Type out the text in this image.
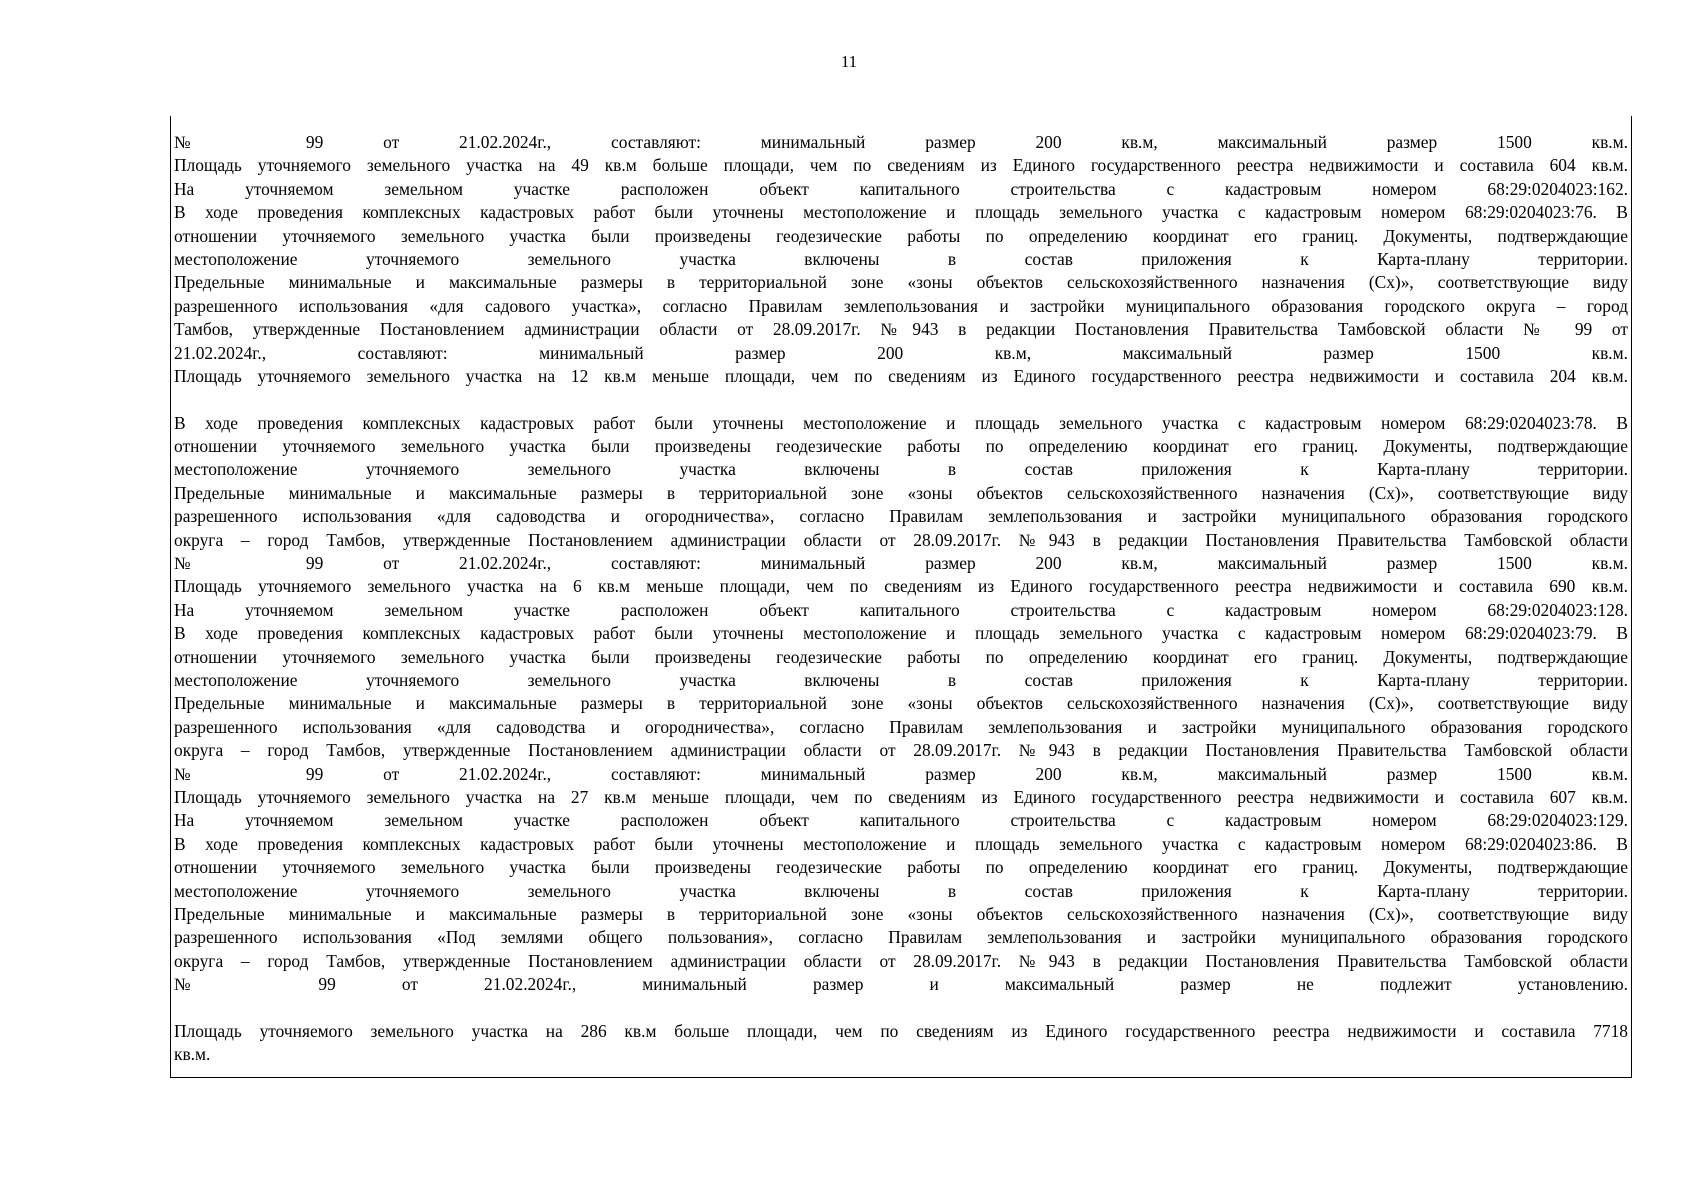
11
№ 99 от 21.02.2024г., составляют: минимальный размер 200 кв.м, максимальный размер 1500 кв.м.
Площадь уточняемого земельного участка на 49 кв.м больше площади, чем по сведениям из Единого государственного реестра недвижимости и составила 604 кв.м.
На уточняемом земельном участке расположен объект капитального строительства с кадастровым номером 68:29:0204023:162.
В ходе проведения комплексных кадастровых работ были уточнены местоположение и площадь земельного участка с кадастровым номером 68:29:0204023:76. В
отношении уточняемого земельного участка были произведены геодезические работы по определению координат его границ. Документы, подтверждающие
местоположение уточняемого земельного участка включены в состав приложения к Карта-плану территории.
Предельные минимальные и максимальные размеры в территориальной зоне «зоны объектов сельскохозяйственного назначения (Сх)», соответствующие виду
разрешенного использования «для садового участка», согласно Правилам землепользования и застройки муниципального образования городского округа – город
Тамбов, утвержденные Постановлением администрации области от 28.09.2017г. №943 в редакции Постановления Правительства Тамбовской области № 99 от
21.02.2024г., составляют: минимальный размер 200 кв.м, максимальный размер 1500 кв.м.
Площадь уточняемого земельного участка на 12 кв.м меньше площади, чем по сведениям из Единого государственного реестра недвижимости и составила 204 кв.м.
В ходе проведения комплексных кадастровых работ были уточнены местоположение и площадь земельного участка с кадастровым номером 68:29:0204023:78. В
отношении уточняемого земельного участка были произведены геодезические работы по определению координат его границ. Документы, подтверждающие
местоположение уточняемого земельного участка включены в состав приложения к Карта-плану территории.
Предельные минимальные и максимальные размеры в территориальной зоне «зоны объектов сельскохозяйственного назначения (Сх)», соответствующие виду
разрешенного использования «для садоводства и огородничества», согласно Правилам землепользования и застройки муниципального образования городского
округа – город Тамбов, утвержденные Постановлением администрации области от 28.09.2017г. №943 в редакции Постановления Правительства Тамбовской области
№ 99 от 21.02.2024г., составляют: минимальный размер 200 кв.м, максимальный размер 1500 кв.м.
Площадь уточняемого земельного участка на 6 кв.м меньше площади, чем по сведениям из Единого государственного реестра недвижимости и составила 690 кв.м.
На уточняемом земельном участке расположен объект капитального строительства с кадастровым номером 68:29:0204023:128.
В ходе проведения комплексных кадастровых работ были уточнены местоположение и площадь земельного участка с кадастровым номером 68:29:0204023:79. В
отношении уточняемого земельного участка были произведены геодезические работы по определению координат его границ. Документы, подтверждающие
местоположение уточняемого земельного участка включены в состав приложения к Карта-плану территории.
Предельные минимальные и максимальные размеры в территориальной зоне «зоны объектов сельскохозяйственного назначения (Сх)», соответствующие виду
разрешенного использования «для садоводства и огородничества», согласно Правилам землепользования и застройки муниципального образования городского
округа – город Тамбов, утвержденные Постановлением администрации области от 28.09.2017г. №943 в редакции Постановления Правительства Тамбовской области
№ 99 от 21.02.2024г., составляют: минимальный размер 200 кв.м, максимальный размер 1500 кв.м.
Площадь уточняемого земельного участка на 27 кв.м меньше площади, чем по сведениям из Единого государственного реестра недвижимости и составила 607 кв.м.
На уточняемом земельном участке расположен объект капитального строительства с кадастровым номером 68:29:0204023:129.
В ходе проведения комплексных кадастровых работ были уточнены местоположение и площадь земельного участка с кадастровым номером 68:29:0204023:86. В
отношении уточняемого земельного участка были произведены геодезические работы по определению координат его границ. Документы, подтверждающие
местоположение уточняемого земельного участка включены в состав приложения к Карта-плану территории.
Предельные минимальные и максимальные размеры в территориальной зоне «зоны объектов сельскохозяйственного назначения (Сх)», соответствующие виду
разрешенного использования «Под землями общего пользования», согласно Правилам землепользования и застройки муниципального образования городского
округа – город Тамбов, утвержденные Постановлением администрации области от 28.09.2017г. №943 в редакции Постановления Правительства Тамбовской области
№ 99 от 21.02.2024г., минимальный размер и максимальный размер не подлежит установлению.
Площадь уточняемого земельного участка на 286 кв.м больше площади, чем по сведениям из Единого государственного реестра недвижимости и составила 7718
кв.м.
